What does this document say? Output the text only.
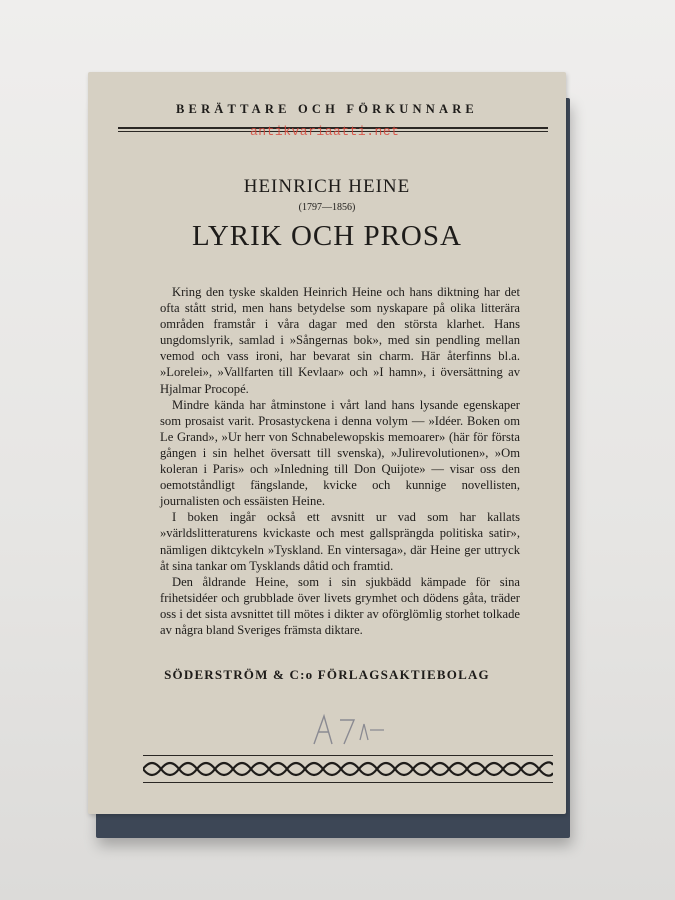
BERÄTTARE OCH FÖRKUNNARE
antikvariaatti.net
HEINRICH HEINE
(1797—1856)
LYRIK OCH PROSA

Kring den tyske skalden Heinrich Heine och hans diktning har det ofta stått strid, men hans betydelse som nyskapare på olika litterära områden framstår i våra dagar med den största klarhet. Hans ungdomslyrik, samlad i »Sångernas bok», med sin pendling mellan vemod och vass ironi, har bevarat sin charm. Här återfinns bl.a. »Lorelei», »Vallfarten till Kevlaar» och »I hamn», i översättning av Hjalmar Procopé.

Mindre kända har åtminstone i vårt land hans lysande egenskaper som prosaist varit. Prosastyckena i denna volym — »Idéer. Boken om Le Grand», »Ur herr von Schnabelewopskis memoarer» (här för första gången i sin helhet översatt till svenska), »Julirevolutionen», »Om koleran i Paris» och »Inledning till Don Quijote» — visar oss den oemotståndligt fängslande, kvicke och kunnige novellisten, journalisten och essäisten Heine.

I boken ingår också ett avsnitt ur vad som har kallats »världslitteraturens kvickaste och mest gallsprängda politiska satir», nämligen diktcykeln »Tyskland. En vintersaga», där Heine ger uttryck åt sina tankar om Tysklands dåtid och framtid.

Den åldrande Heine, som i sin sjukbädd kämpade för sina frihetsidéer och grubblade över livets grymhet och dödens gåta, träder oss i det sista avsnittet till mötes i dikter av oförglömlig storhet tolkade av några bland Sveriges främsta diktare.

SÖDERSTRÖM & C:o FÖRLAGSAKTIEBOLAG
